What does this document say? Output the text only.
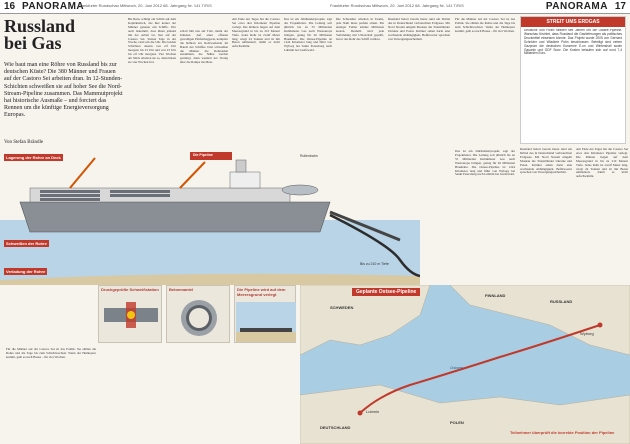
16 PANORAMA
Frankfurter Rundschau Mittwoch, 20. Juni 2012 68. Jahrgang Nr. 141 T/R/S	Frankfurter Rundschau Mittwoch, 20. Juni 2012 68. Jahrgang Nr. 141 T/R/S	PANORAMA 17
Russland bei Gas

Wie baut man eine Röhre von Russland bis zur deutschen Küste? Die 380 Männer und Frauen auf der Castoro Sei arbeiten dran. In 12-Stunden-Schichten schweißen sie auf hoher See die Nord-Stream-Pipeline zusammen. Das Mammutprojekt hat historische Ausmaße – und forciert das Rennen um die künftige Energieversorgung Europas.

Von Stefan Brändle

Bis Rulu, schlägt ein Schild auf dem Kapitänstisch, das hier keiner der Männer genauer um Schiffe. Wer auch bekommt, dass ihnen jemand mit der Arbeit tut, hier auf der Castoro Sei. Sieben Tage in der Woche, rund um die Uhr. Die beiden Schichten dauern von elf Uhr morgens bis 23 Uhr und von 23 Uhr bis elf Uhr morgens. Vier Wochen am Stück arbeiten sie so, dann haben sie vier Wochen frei.

schaft hält uns auf Trab, meint der Italiener. Auf einer offenen gewaltigen Pfeifenbaggerei, komplett die Röhren zur Rohrwerkstatt im Bauch des Schiffes. Dort schweißen die Männer die Rohrenden zusammen, die Nähte werden geröntgt, dann wandert der Strang über die Rampe ins Meer.

Am Ende des Tages hat die Castoro Sei etwa drei Kilometer Pipeline verlegt. Die Röhren liegen auf dem Meeresgrund in bis zu 210 Metern Tiefe. Jedes Rohr ist zwölf Meter lang, wiegt 24 Tonnen und ist mit Beton ummantelt, damit es nicht aufschwimmt.

Das ist ein Jahrhundertprojekt, sagt der Projektleiter. Die Leitung soll jährlich bis zu 55 Milliarden Kubikmeter Gas nach Westeuropa bringen, genug für 26 Millionen Haushalte. Die Ostsee-Pipeline ist 1224 Kilometer lang und führt von Wyborg bei Sankt Petersburg nach Lubmin bei Greifswald.

Die Schweißer arbeiten in Teams, jede Naht muss perfekt sitzen. Ein einziger Fehler könnte Millionen kosten. Deshalb wird jede Verbindung mit Ultraschall geprüft, bevor das Rohr das Schiff verlässt.

Russland liefert bereits heute rund ein Drittel des in Deutschland verbrauchten Erdgases. Mit Nord Stream umgeht Moskau die Transitländer Ukraine und Polen. Kritiker sehen darin eine wachsende Abhängigkeit, Befürworter sprechen von Versorgungssicherheit.

Für die Männer auf der Castoro Sei ist das Politik. Sie zählen die Rohre und die Tage bis zum Schichtwechsel. Wenn der Helikopter kommt, geht es nach Hause – für vier Wochen.

Das ist ein Jahrhundertprojekt, sagt der Projektleiter. Die Leitung soll jährlich bis zu 55 Milliarden Kubikmeter Gas nach Westeuropa bringen, genug für 26 Millionen Haushalte. Die Ostsee-Pipeline ist 1224 Kilometer lang und führt von Wyborg bei Sankt Petersburg nach Lubmin bei Greifswald.

Russland liefert bereits heute rund ein Drittel des in Deutschland verbrauchten Erdgases. Mit Nord Stream umgeht Moskau die Transitländer Ukraine und Polen. Kritiker sehen darin eine wachsende Abhängigkeit, Befürworter sprechen von Versorgungssicherheit.

Am Ende des Tages hat die Castoro Sei etwa drei Kilometer Pipeline verlegt. Die Röhren liegen auf dem Meeresgrund in bis zu 210 Metern Tiefe. Jedes Rohr ist zwölf Meter lang, wiegt 24 Tonnen und ist mit Beton ummantelt, damit es nicht aufschwimmt.

Für die Männer auf der Castoro Sei ist das Politik. Sie zählen die Rohre und die Tage bis zum Schichtwechsel. Wenn der Helikopter kommt, geht es nach Hause – für vier Wochen.

STREIT UMS ERDGAS

Deutsche und Polen streiten seit Jahren um die Ostsee-Pipeline. Warschau fürchtet, dass Russland die Gaslieferungen als politisches Druckmittel einsetzen könnte. Das Projekt wurde 2005 von Gerhard Schröder und Wladimir Putin beschlossen. Beteiligt sind neben Gazprom die deutschen Konzerne E.on und Wintershall sowie Gasunie und GDF Suez. Die Kosten belaufen sich auf rund 7,4 Milliarden Euro.

Die Pipeline
Lagerung der Rohre an Deck
Schweißen der Rohre
Verladung der Rohre
Rollenbahn
Bis zu 210 m Tiefe
Druckgeprüfte Schweißstation	Betonmantel	Die Pipeline wird auf dem Meeresgrund verlegt	Geplante Ostsee-Pipeline
RUSSLAND
FINNLAND
SCHWEDEN
DEUTSCHLAND
POLEN
Wyborg
Lubmin
Ostsee
Teilnehmer überprüft die korrekte Position der Pipeline
